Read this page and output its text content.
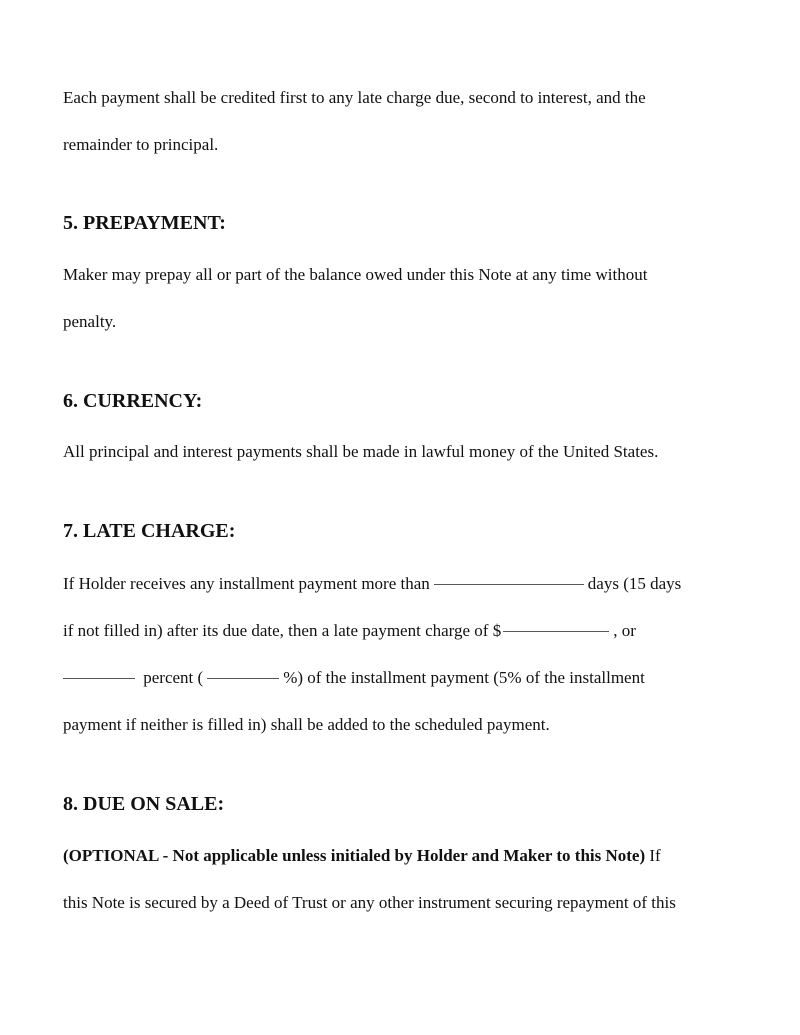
Each payment shall be credited first to any late charge due, second to interest, and the
remainder to principal.
5. PREPAYMENT:
Maker may prepay all or part of the balance owed under this Note at any time without
penalty.
6. CURRENCY:
All principal and interest payments shall be made in lawful money of the United States.
7. LATE CHARGE:
If Holder receives any installment payment more than	days (15 days
if not filled in) after its due date, then a late payment charge of $	, or
percent (	%) of the installment payment (5% of the installment
payment if neither is filled in) shall be added to the scheduled payment.
8. DUE ON SALE:
(OPTIONAL - Not applicable unless initialed by Holder and Maker to this Note) If
this Note is secured by a Deed of Trust or any other instrument securing repayment of this
